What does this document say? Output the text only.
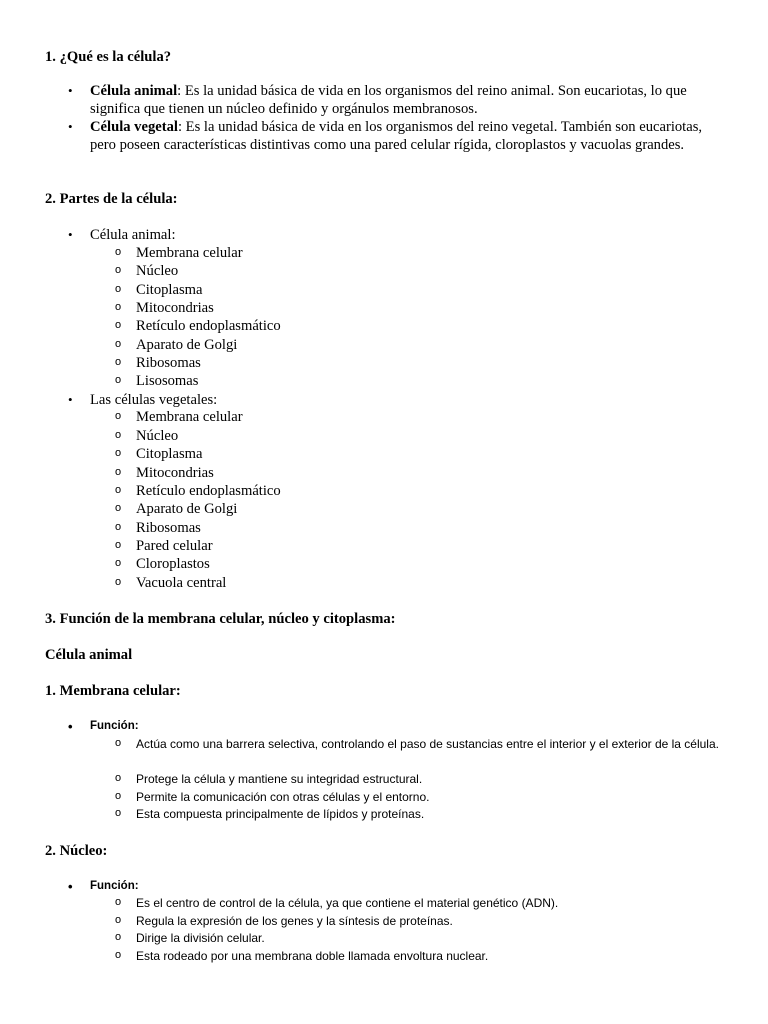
1. ¿Qué es la célula?
• Célula animal: Es la unidad básica de vida en los organismos del reino animal. Son eucariotas, lo que significa que tienen un núcleo definido y orgánulos membranosos.
• Célula vegetal: Es la unidad básica de vida en los organismos del reino vegetal. También son eucariotas, pero poseen características distintivas como una pared celular rígida, cloroplastos y vacuolas grandes.
2. Partes de la célula:
• Célula animal:
o Membrana celular
o Núcleo
o Citoplasma
o Mitocondrias
o Retículo endoplasmático
o Aparato de Golgi
o Ribosomas
o Lisosomas
• Las células vegetales:
o Membrana celular
o Núcleo
o Citoplasma
o Mitocondrias
o Retículo endoplasmático
o Aparato de Golgi
o Ribosomas
o Pared celular
o Cloroplastos
o Vacuola central
3. Función de la membrana celular, núcleo y citoplasma:
Célula animal
1. Membrana celular:
• Función:
o Actúa como una barrera selectiva, controlando el paso de sustancias entre el interior y el exterior de la célula.
o Protege la célula y mantiene su integridad estructural.
o Permite la comunicación con otras células y el entorno.
o Esta compuesta principalmente de lípidos y proteínas.
2. Núcleo:
• Función:
o Es el centro de control de la célula, ya que contiene el material genético (ADN).
o Regula la expresión de los genes y la síntesis de proteínas.
o Dirige la división celular.
o Esta rodeado por una membrana doble llamada envoltura nuclear.
